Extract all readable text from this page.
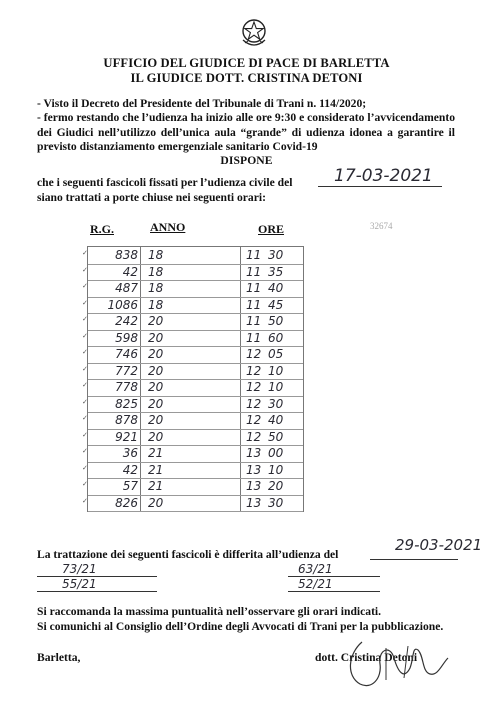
UFFICIO DEL GIUDICE DI PACE DI BARLETTA
IL GIUDICE DOTT. CRISTINA DETONI
- Visto il Decreto del Presidente del Tribunale di Trani n. 114/2020;
- fermo restando che l’udienza ha inizio alle ore 9:30 e considerato l’avvicendamento dei Giudici nell’utilizzo dell’unica aula “grande” di udienza idonea a garantire il previsto distanziamento emergenziale sanitario Covid-19
DISPONE
che i seguenti fascicoli fissati per l’udienza civile del 17-03-2021
siano trattati a porte chiuse nei seguenti orari:
R.G.	ANNO	ORE	32674
✓	838 18	11 30
✓	42 18	11 35
✓	487 18	11 40
✓	1086 18	11 45
✓	242 20	11 50
✓	598 20	11 60
✓	746 20	12 05
✓	772 20	12 10
✓	778 20	12 10
✓	825 20	12 30
✓	878 20	12 40
✓	921 20	12 50
✓	36 21	13 00
✓	42 21	13 10
✓	57 21	13 20
✓	826 20	13 30
La trattazione dei seguenti fascicoli è differita all’udienza del
29-03-2021
73/21	63/21
55/21	52/21
Si raccomanda la massima puntualità nell’osservare gli orari indicati.
Si comunichi al Consiglio dell’Ordine degli Avvocati di Trani per la pubblicazione.
Barletta,	dott. Cristina Detoni
